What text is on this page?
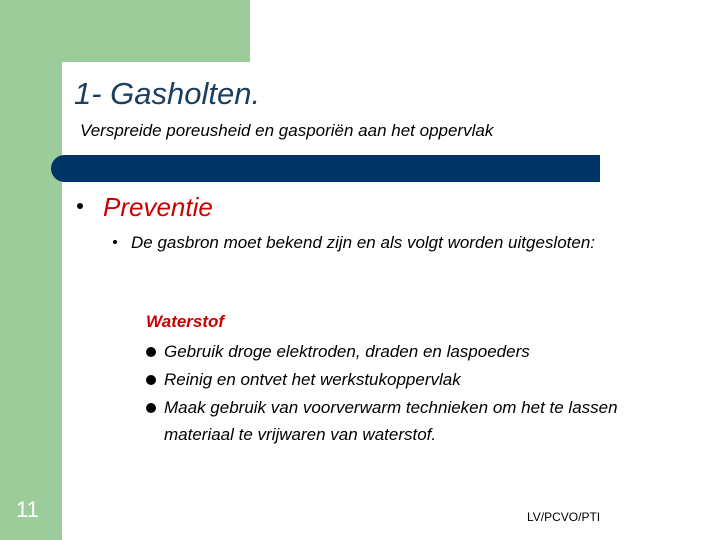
1- Gasholten.
Verspreide poreusheid en gasporiën aan het oppervlak
Preventie
De gasbron moet bekend zijn en als volgt worden uitgesloten:
Waterstof
Gebruik droge elektroden, draden en laspoeders
Reinig en ontvet het werkstukoppervlak
Maak gebruik van voorverwarm technieken om het te lassen materiaal te vrijwaren van waterstof.
11	LV/PCVO/PTI
